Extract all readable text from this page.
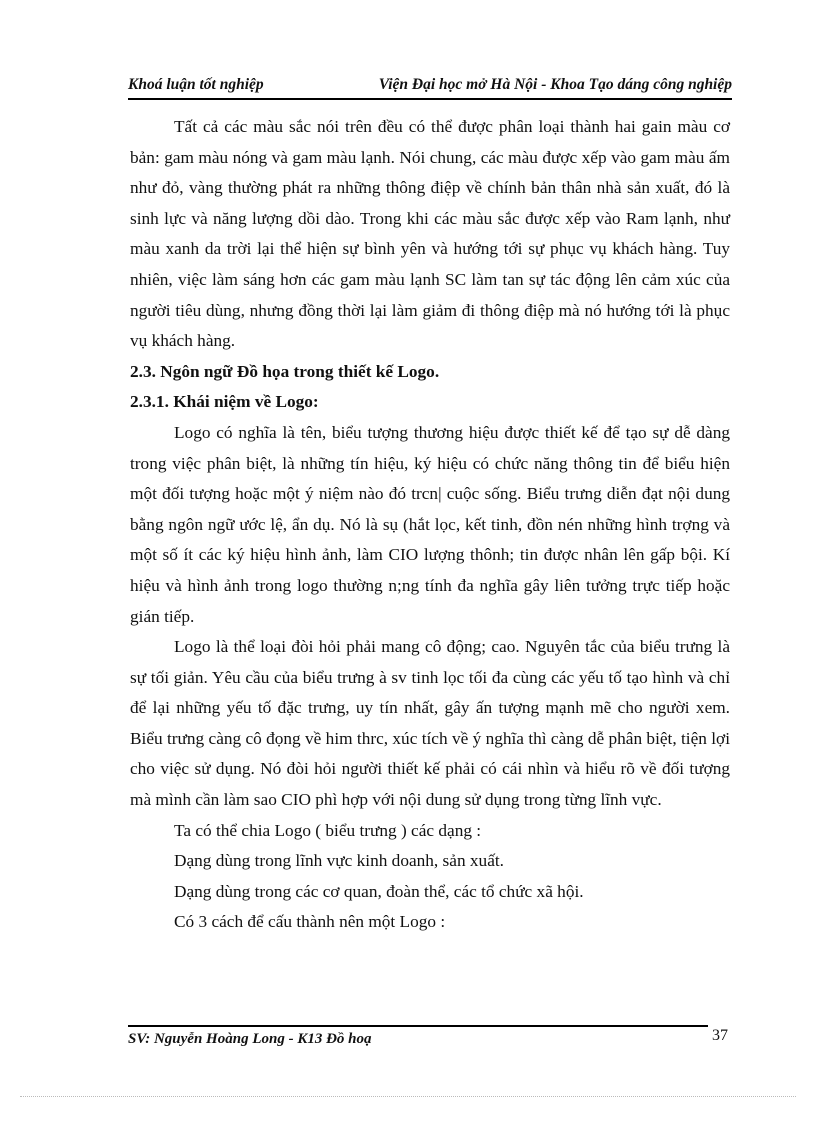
Khoá luận tốt nghiệp	Viện Đại học mở Hà Nội - Khoa Tạo dáng công nghiệp

Tất cả các màu sắc nói trên đều có thể được phân loại thành hai gain màu cơ bản: gam màu nóng và gam màu lạnh. Nói chung, các màu được xếp vào gam màu ấm như đỏ, vàng thường phát ra những thông điệp về chính bản thân nhà sản xuất, đó là sinh lực và năng lượng dồi dào. Trong khi các màu sắc được xếp vào Ram lạnh, như màu xanh da trời lại thể hiện sự bình yên và hướng tới sự phục vụ khách hàng. Tuy nhiên, việc làm sáng hơn các gam màu lạnh SC làm tan sự tác động lên cảm xúc của người tiêu dùng, nhưng đồng thời lại làm giảm đi thông điệp mà nó hướng tới là phục vụ khách hàng.

2.3. Ngôn ngữ Đồ họa trong thiết kế Logo.

2.3.1. Khái niệm về Logo:

Logo có nghĩa là tên, biểu tượng thương hiệu được thiết kế để tạo sự dễ dàng trong việc phân biệt, là những tín hiệu, ký hiệu có chức năng thông tin để biểu hiện một đối tượng hoặc một ý niệm nào đó trcn| cuộc sống. Biểu trưng diễn đạt nội dung bằng ngôn ngữ ước lệ, ẩn dụ. Nó là sụ (hắt lọc, kết tinh, đồn nén những hình trợng và một số ít các ký hiệu hình ảnh, làm CIO lượng thônh; tin được nhân lên gấp bội. Kí hiệu và hình ảnh trong logo thường n;ng tính đa nghĩa gây liên tưởng trực tiếp hoặc gián tiếp.

Logo là thể loại đòi hỏi phải mang cô động; cao. Nguyên tắc của biểu trưng là sự tối giản. Yêu cầu của biểu trưng à sv tinh lọc tối đa cùng các yếu tố tạo hình và chỉ để lại những yếu tố đặc trưng, uy tín nhất, gây ấn tượng mạnh mẽ cho người xem. Biểu trưng càng cô đọng về him thrc, xúc tích về ý nghĩa thì càng dễ phân biệt, tiện lợi cho việc sử dụng. Nó đòi hỏi người thiết kế phải có cái nhìn và hiểu rõ về đối tượng mà mình cần làm sao CIO phì hợp với nội dung sử dụng trong từng lĩnh vực.

Ta có thể chia Logo ( biểu trưng ) các dạng :

Dạng dùng trong lĩnh vực kinh doanh, sản xuất.

Dạng dùng trong các cơ quan, đoàn thể, các tổ chức xã hội.

Có 3 cách để cấu thành nên một Logo :

SV: Nguyễn Hoàng Long - K13 Đồ hoạ	37
